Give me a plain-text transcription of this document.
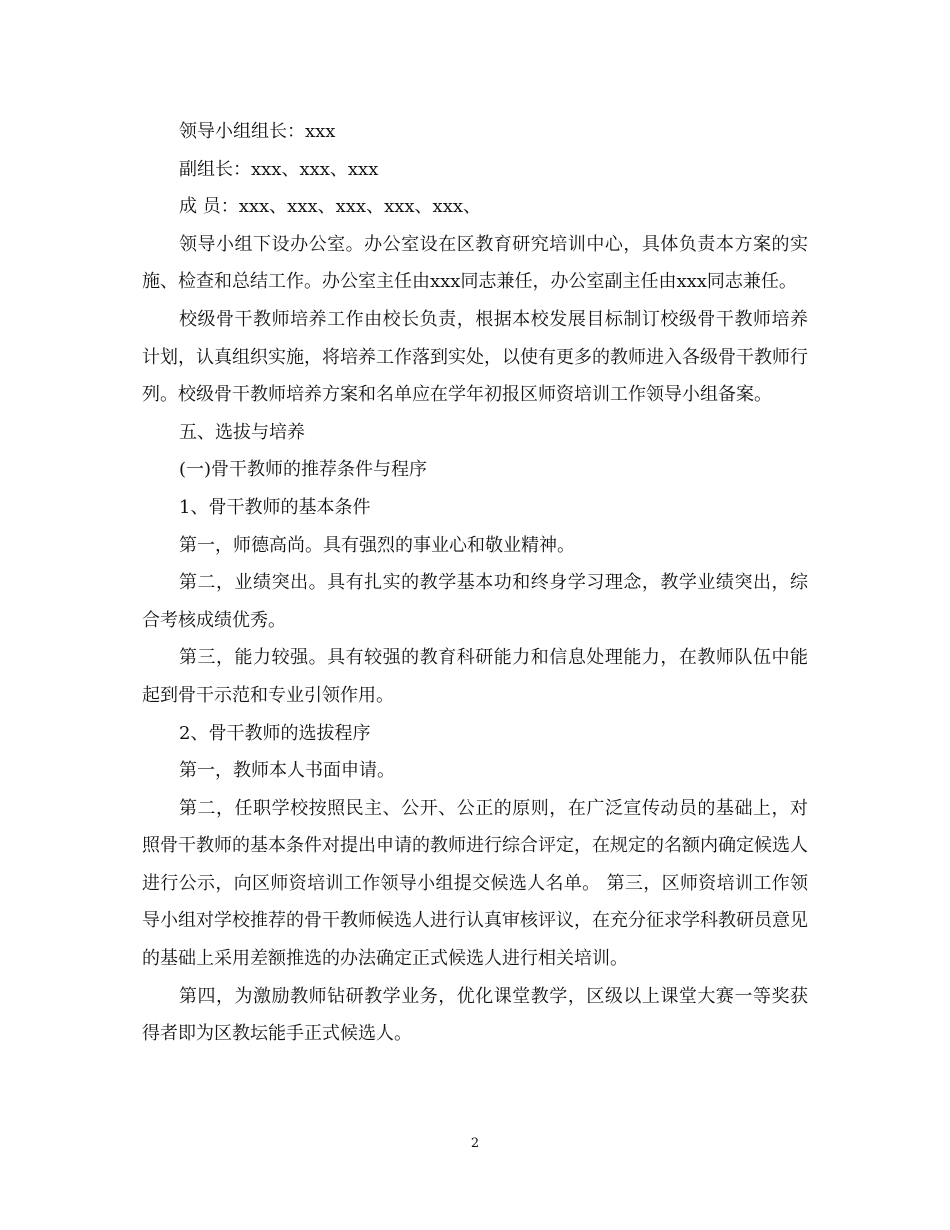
领导小组组长：xxx

副组长：xxx、xxx、xxx

成 员：xxx、xxx、xxx、xxx、xxx、

领导小组下设办公室。办公室设在区教育研究培训中心，具体负责本方案的实施、检查和总结工作。办公室主任由xxx同志兼任，办公室副主任由xxx同志兼任。

校级骨干教师培养工作由校长负责，根据本校发展目标制订校级骨干教师培养计划，认真组织实施，将培养工作落到实处，以使有更多的教师进入各级骨干教师行列。校级骨干教师培养方案和名单应在学年初报区师资培训工作领导小组备案。

五、选拔与培养

(一)骨干教师的推荐条件与程序

1、骨干教师的基本条件

第一，师德高尚。具有强烈的事业心和敬业精神。

第二，业绩突出。具有扎实的教学基本功和终身学习理念，教学业绩突出，综合考核成绩优秀。

第三，能力较强。具有较强的教育科研能力和信息处理能力，在教师队伍中能起到骨干示范和专业引领作用。

2、骨干教师的选拔程序

第一，教师本人书面申请。

第二，任职学校按照民主、公开、公正的原则，在广泛宣传动员的基础上，对照骨干教师的基本条件对提出申请的教师进行综合评定，在规定的名额内确定候选人进行公示，向区师资培训工作领导小组提交候选人名单。 第三，区师资培训工作领导小组对学校推荐的骨干教师候选人进行认真审核评议，在充分征求学科教研员意见的基础上采用差额推选的办法确定正式候选人进行相关培训。

第四，为激励教师钻研教学业务，优化课堂教学，区级以上课堂大赛一等奖获得者即为区教坛能手正式候选人。

2
